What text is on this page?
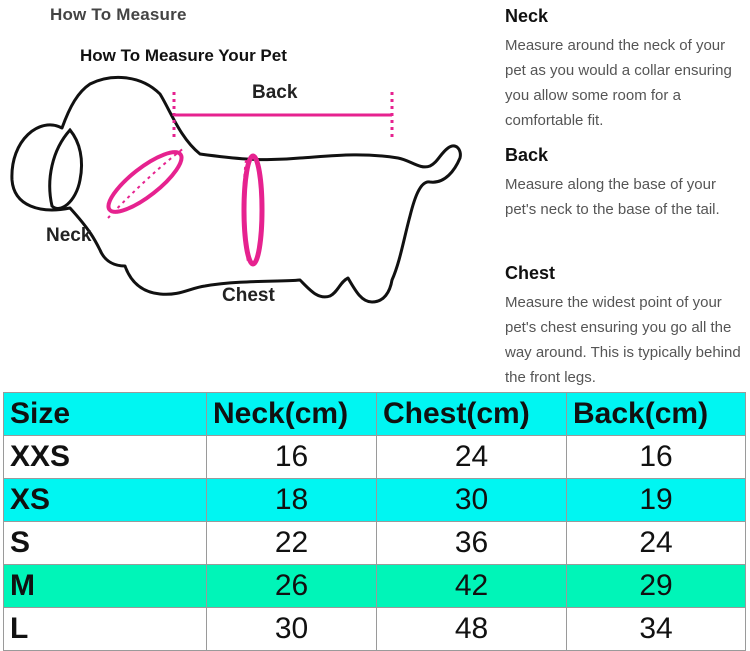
How To Measure
How To Measure Your Pet
Back
Neck
Chest
Neck

Measure around the neck of your pet as you would a collar ensuring you allow some room for a comfortable fit.

Back

Measure along the base of your pet's neck to the base of the tail.

Chest

Measure the widest point of your pet's chest ensuring you go all the way around. This is typically behind the front legs.

Size	Neck(cm)	Chest(cm)	Back(cm)
XXS	16	24	16
XS	18	30	19
S	22	36	24
M	26	42	29
L	30	48	34
